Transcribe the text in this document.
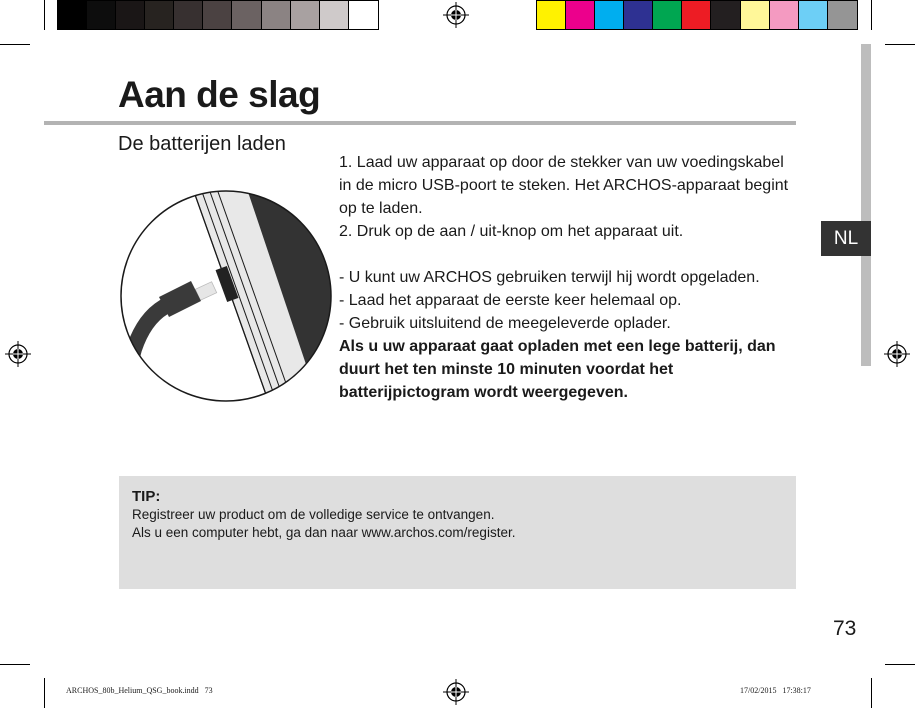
NL
Aan de slag
De batterijen laden

1. Laad uw apparaat op door de stekker van uw voedingskabel in de micro USB-poort te steken. Het ARCHOS-apparaat begint op te laden.

2. Druk op de aan / uit-knop om het apparaat uit.

- U kunt uw ARCHOS gebruiken terwijl hij wordt opgeladen.

- Laad het apparaat de eerste keer helemaal op.

- Gebruik uitsluitend de meegeleverde oplader.

Als u uw apparaat gaat opladen met een lege batterij, dan duurt het ten minste 10 minuten voordat het batterijpictogram wordt weergegeven.

TIP:
Registreer uw product om de volledige service te ontvangen.
Als u een computer hebt, ga dan naar www.archos.com/register.
73
ARCHOS_80b_Helium_QSG_book.indd   73	17/02/2015   17:38:17
